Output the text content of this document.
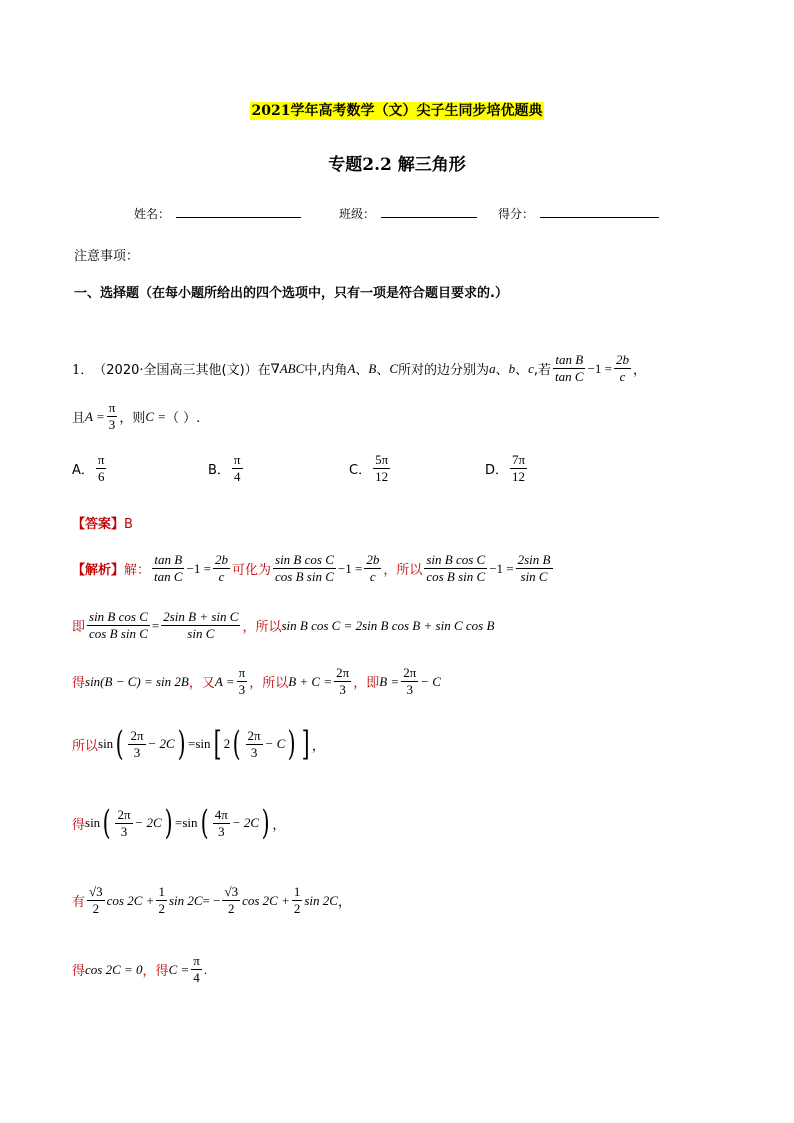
2021学年高考数学（文）尖子生同步培优题典
专题2.2 解三角形
姓名：	班级：	得分：
注意事项：
一、选择题（在每小题所给出的四个选项中，只有一项是符合题目要求的.）
1． （2020·全国高三其他(文)）在 ∇ABC 中,内角 A 、 B 、 C 所对的边分别为 a 、 b 、 c ,若 $\frac{\text{tan B}}{\text{tan C}} -1 = \frac{2b}{c}$ ，
且 $A = \frac{\pi}{3}$ ，则 C = （ ）.
A． $\frac{\pi}{6}$	B． $\frac{\pi}{4}$	C． $\frac{5\pi}{12}$	D． $\frac{7\pi}{12}$
【答案】B
【解析】 解： $\frac{\text{tan B}}{\text{tan C}} -1 = \frac{2b}{c}$ 可化为 $\frac{\text{sin B cos C}}{\text{cos B sin C}} -1 = \frac{2b}{c}$ ，所以 $\frac{\text{sin B cos C}}{\text{cos B sin C}} -1 = \frac{\text{2sin B}}{\text{sin C}}$
即 $\frac{\text{sin B cos C}}{\text{cos B sin C}} = \frac{\text{2sin B + sin C}}{\text{sin C}}$ ，所以 sin B cos C = 2sin B cos B + sin C cos B
得 sin(B − C) = sin 2B ，又 $A = \frac{\pi}{3}$ ，所以 $B + C = \frac{2\pi}{3}$ ，即 $B = \frac{2\pi}{3} - C$
所以 sin ( $\frac{2\pi}{3} - 2C$ ) = sin [ 2 ( $\frac{2\pi}{3} - C$ ) ] ，
得 sin ( $\frac{2\pi}{3} - 2C$ ) = sin ( $\frac{4\pi}{3} - 2C$ ) ，
有 $\frac{√3}{2}$ $\cos 2C + \frac{1}{2}$ sin 2C = − $\frac{√3}{2}$ $\cos 2C + \frac{1}{2}$ sin 2C ，
得 cos 2C = 0 ，得 $C = \frac{\pi}{4}$ .
